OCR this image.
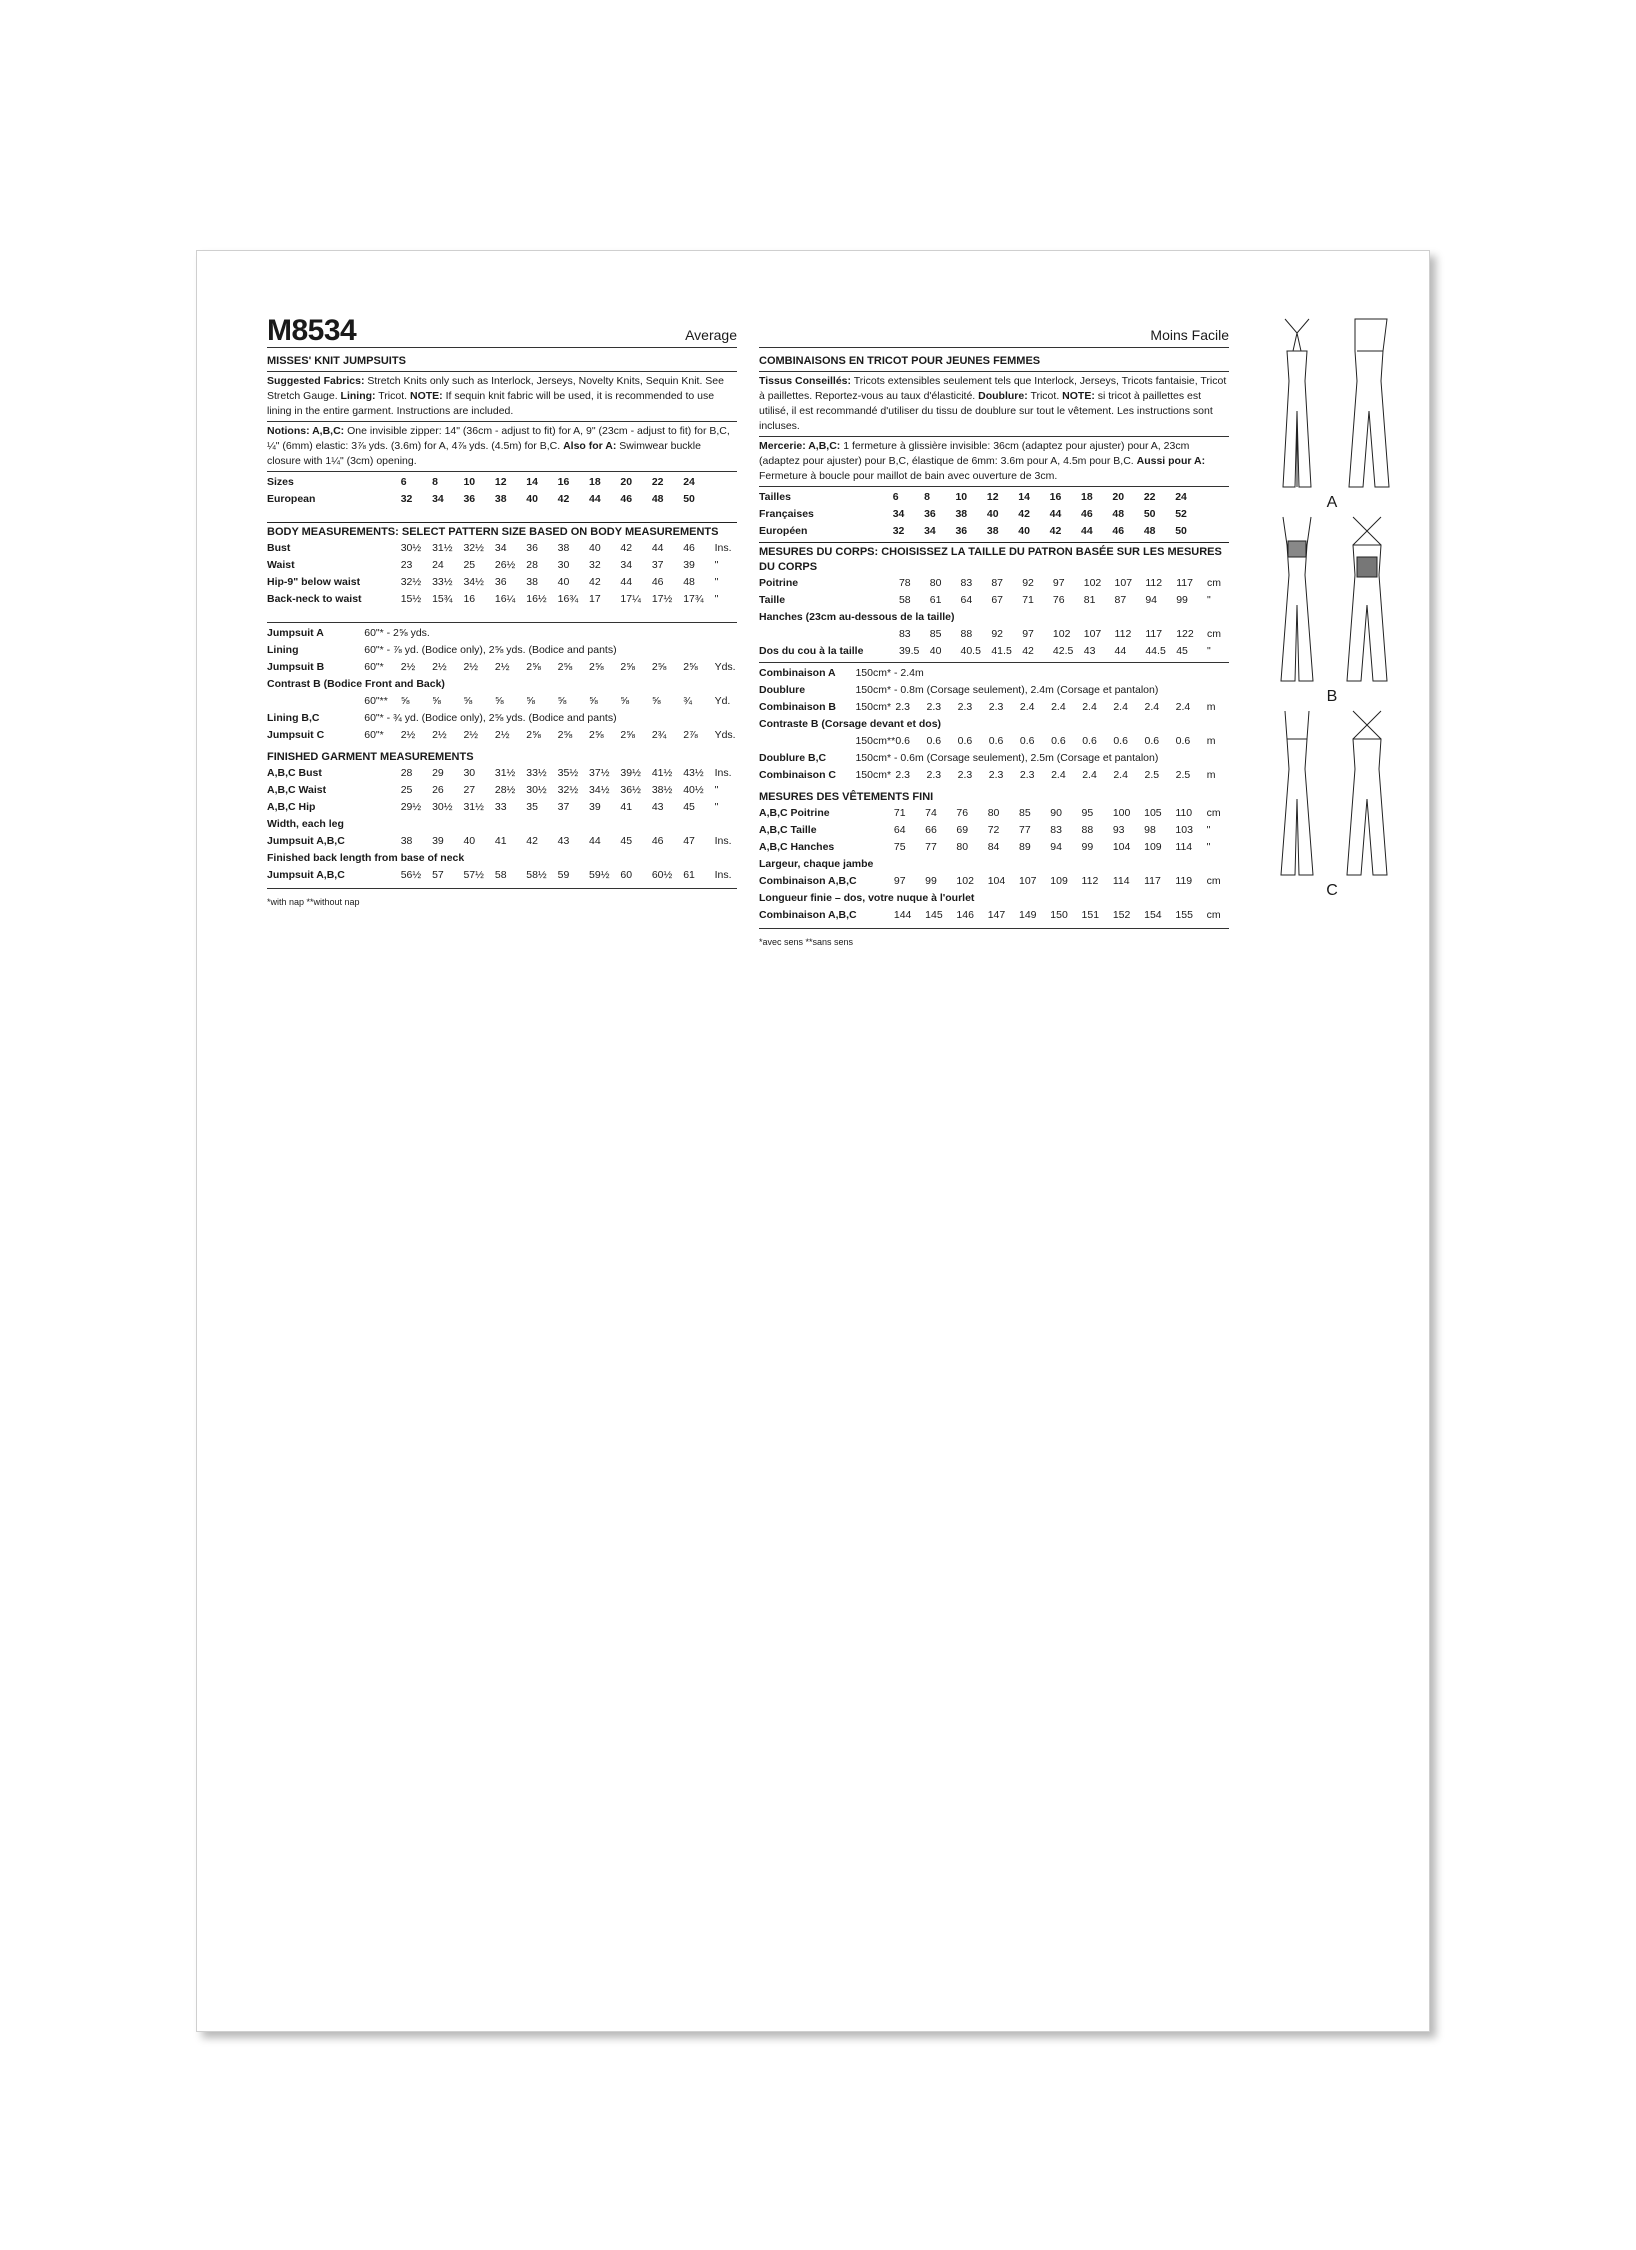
M8534	Average
MISSES' KNIT JUMPSUITS
Suggested Fabrics: Stretch Knits only such as Interlock, Jerseys, Novelty Knits, Sequin Knit. See Stretch Gauge. Lining: Tricot. NOTE: If sequin knit fabric will be used, it is recommended to use lining in the entire garment. Instructions are included.
Notions: A,B,C: One invisible zipper: 14" (36cm - adjust to fit) for A, 9" (23cm - adjust to fit) for B,C, ¼" (6mm) elastic: 3⅞ yds. (3.6m) for A, 4⅞ yds. (4.5m) for B,C. Also for A: Swimwear buckle closure with 1¼" (3cm) opening.
Sizes		6	8	10	12	14	16	18	20	22	24	
European		32	34	36	38	40	42	44	46	48	50	
BODY MEASUREMENTS: SELECT PATTERN SIZE BASED ON BODY MEASUREMENTS
Bust		30½	31½	32½	34	36	38	40	42	44	46	Ins.
Waist		23	24	25	26½	28	30	32	34	37	39	"
Hip-9" below waist		32½	33½	34½	36	38	40	42	44	46	48	"
Back-neck to waist		15½	15¾	16	16¼	16½	16¾	17	17¼	17½	17¾	"
Jumpsuit A	60"* - 2⅝ yds.											
Lining	60"* - ⅞ yd. (Bodice only), 2⅝ yds. (Bodice and pants)											
Jumpsuit B	60"*	2½	2½	2½	2½	2⅝	2⅝	2⅝	2⅝	2⅝	2⅝	Yds.
Contrast B (Bodice Front and Back)												
	60"**	⅝	⅝	⅝	⅝	⅝	⅝	⅝	⅝	⅝	¾	Yd.
Lining B,C	60"* - ¾ yd. (Bodice only), 2⅝ yds. (Bodice and pants)											
Jumpsuit C	60"*	2½	2½	2½	2½	2⅝	2⅝	2⅝	2⅝	2¾	2⅞	Yds.
FINISHED GARMENT MEASUREMENTS
A,B,C Bust		28	29	30	31½	33½	35½	37½	39½	41½	43½	Ins.
A,B,C Waist		25	26	27	28½	30½	32½	34½	36½	38½	40½	"
A,B,C Hip		29½	30½	31½	33	35	37	39	41	43	45	"
Width, each leg												
Jumpsuit A,B,C		38	39	40	41	42	43	44	45	46	47	Ins.
Finished back length from base of neck												
Jumpsuit A,B,C		56½	57	57½	58	58½	59	59½	60	60½	61	Ins.
*with nap **without nap
Moins Facile
COMBINAISONS EN TRICOT POUR JEUNES FEMMES
Tissus Conseillés: Tricots extensibles seulement tels que Interlock, Jerseys, Tricots fantaisie, Tricot à paillettes. Reportez-vous au taux d'élasticité. Doublure: Tricot. NOTE: si tricot à paillettes est utilisé, il est recommandé d'utiliser du tissu de doublure sur tout le vêtement. Les instructions sont incluses.
Mercerie: A,B,C: 1 fermeture à glissière invisible: 36cm (adaptez pour ajuster) pour A, 23cm (adaptez pour ajuster) pour B,C, élastique de 6mm: 3.6m pour A, 4.5m pour B,C. Aussi pour A: Fermeture à boucle pour maillot de bain avec ouverture de 3cm.
Tailles		6	8	10	12	14	16	18	20	22	24	
Françaises		34	36	38	40	42	44	46	48	50	52	
Européen		32	34	36	38	40	42	44	46	48	50	
MESURES DU CORPS: CHOISISSEZ LA TAILLE DU PATRON BASÉE SUR LES MESURES DU CORPS
Poitrine		78	80	83	87	92	97	102	107	112	117	cm
Taille		58	61	64	67	71	76	81	87	94	99	"
Hanches (23cm au-dessous de la taille)												
		83	85	88	92	97	102	107	112	117	122	cm
Dos du cou à la taille		39.5	40	40.5	41.5	42	42.5	43	44	44.5	45	"
Combinaison A	150cm* - 2.4m											
Doublure	150cm* - 0.8m (Corsage seulement), 2.4m (Corsage et pantalon)											
Combinaison B	150cm*	2.3	2.3	2.3	2.3	2.4	2.4	2.4	2.4	2.4	2.4	m
Contraste B (Corsage devant et dos)												
	150cm**	0.6	0.6	0.6	0.6	0.6	0.6	0.6	0.6	0.6	0.6	m
Doublure B,C	150cm* - 0.6m (Corsage seulement), 2.5m (Corsage et pantalon)											
Combinaison C	150cm*	2.3	2.3	2.3	2.3	2.3	2.4	2.4	2.4	2.5	2.5	m
MESURES DES VÊTEMENTS FINI
A,B,C Poitrine		71	74	76	80	85	90	95	100	105	110	cm
A,B,C Taille		64	66	69	72	77	83	88	93	98	103	"
A,B,C Hanches		75	77	80	84	89	94	99	104	109	114	"
Largeur, chaque jambe												
Combinaison A,B,C		97	99	102	104	107	109	112	114	117	119	cm
Longueur finie – dos, votre nuque à l'ourlet												
Combinaison A,B,C		144	145	146	147	149	150	151	152	154	155	cm
*avec sens **sans sens
A
B
C
